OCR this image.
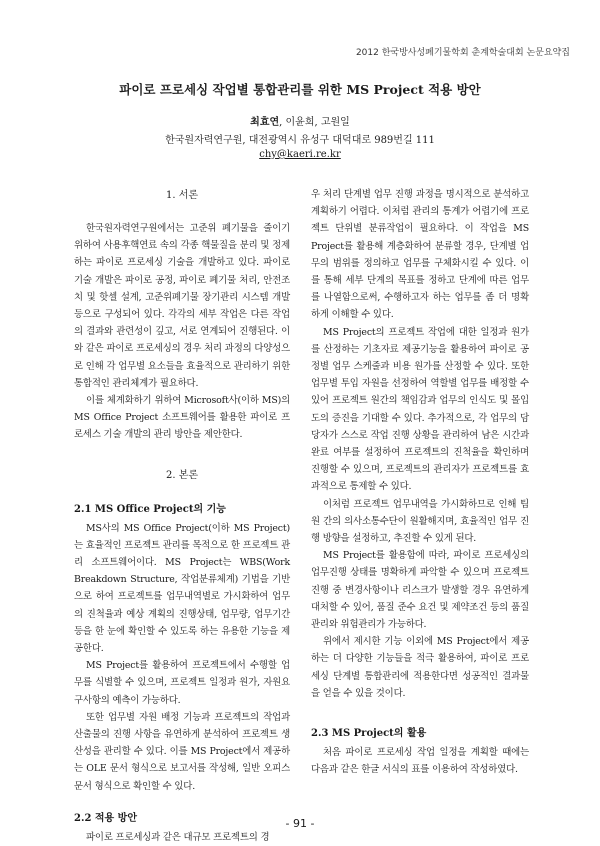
2012 한국방사성폐기물학회 춘계학술대회 논문요약집
파이로 프로세싱 작업별 통합관리를 위한 MS Project 적용 방안
최효연, 이윤희, 고원일
한국원자력연구원, 대전광역시 유성구 대덕대로 989번길 111
chy@kaeri.re.kr
1. 서론

한국원자력연구원에서는 고준위 폐기물을 줄이기 위하여 사용후핵연료 속의 각종 핵물질을 분리 및 정제하는 파이로 프로세싱 기술을 개발하고 있다. 파이로 기술 개발은 파이로 공정, 파이로 폐기물 처리, 안전조치 및 핫셀 설계, 고준위폐기물 장기관리 시스템 개발 등으로 구성되어 있다. 각각의 세부 작업은 다른 작업의 결과와 관련성이 깊고, 서로 연계되어 진행된다. 이와 같은 파이로 프로세싱의 경우 처리 과정의 다양성으로 인해 각 업무별 요소들을 효율적으로 관리하기 위한 통합적인 관리체계가 필요하다.

이를 체계화하기 위하여 Microsoft사(이하 MS)의 MS Office Project 소프트웨어를 활용한 파이로 프로세스 기술 개발의 관리 방안을 제안한다.

2. 본론
2.1 MS Office Project의 기능

MS사의 MS Office Project(이하 MS Project)는 효율적인 프로젝트 관리를 목적으로 한 프로젝트 관리 소프트웨어이다. MS Project는 WBS(Work Breakdown Structure, 작업분류체계) 기법을 기반으로 하여 프로젝트를 업무내역별로 가시화하여 업무의 진척율과 예상 계획의 진행상태, 업무량, 업무기간 등을 한 눈에 확인할 수 있도록 하는 유용한 기능을 제공한다.

MS Project를 활용하여 프로젝트에서 수행할 업무를 식별할 수 있으며, 프로젝트 일정과 원가, 자원요구사항의 예측이 가능하다.

또한 업무별 자원 배정 기능과 프로젝트의 작업과 산출물의 진행 사항을 유연하게 분석하여 프로젝트 생산성을 관리할 수 있다. 이를 MS Project에서 제공하는 OLE 문서 형식으로 보고서를 작성해, 일반 오피스 문서 형식으로 확인할 수 있다.

2.2 적용 방안

파이로 프로세싱과 같은 대규모 프로젝트의 경

우 처리 단계별 업무 진행 과정을 명시적으로 분석하고 계획하기 어렵다. 이처럼 관리의 통계가 어렵기에 프로젝트 단위별 분류작업이 필요하다. 이 작업을 MS Project를 활용해 계층화하여 분류할 경우, 단계별 업무의 범위를 정의하고 업무를 구체화시킬 수 있다. 이를 통해 세부 단계의 목표를 정하고 단계에 따른 업무를 나열함으로써, 수행하고자 하는 업무를 좀 더 명확하게 이해할 수 있다.

MS Project의 프로젝트 작업에 대한 일정과 원가를 산정하는 기초자료 제공기능을 활용하여 파이로 공정별 업무 스케줄과 비용 원가를 산정할 수 있다. 또한 업무별 투입 자원을 선정하여 역할별 업무를 배정할 수 있어 프로젝트 원간의 책임감과 업무의 인식도 및 몰입도의 증진을 기대할 수 있다. 추가적으로, 각 업무의 담당자가 스스로 작업 진행 상황을 관리하여 남은 시간과 완료 여부를 설정하여 프로젝트의 진척율을 확인하며 진행할 수 있으며, 프로젝트의 관리자가 프로젝트를 효과적으로 통제할 수 있다.

이처럼 프로젝트 업무내역을 가시화하므로 인해 팀원 간의 의사소통수단이 원활해지며, 효율적인 업무 진행 방향을 설정하고, 추진할 수 있게 된다.

MS Project를 활용함에 따라, 파이로 프로세싱의 업무진행 상태를 명확하게 파악할 수 있으며 프로젝트 진행 중 변경사항이나 리스크가 발생할 경우 유연하게 대처할 수 있어, 품질 준수 요건 및 제약조건 등의 품질관리와 위험관리가 가능하다.

위에서 제시한 기능 이외에 MS Project에서 제공하는 더 다양한 기능들을 적극 활용하여, 파이로 프로세싱 단계별 통합관리에 적용한다면 성공적인 결과물을 얻을 수 있을 것이다.

2.3 MS Project의 활용

처음 파이로 프로세싱 작업 일정을 계획할 때에는 다음과 같은 한글 서식의 표를 이용하여 작성하였다.

- 91 -
